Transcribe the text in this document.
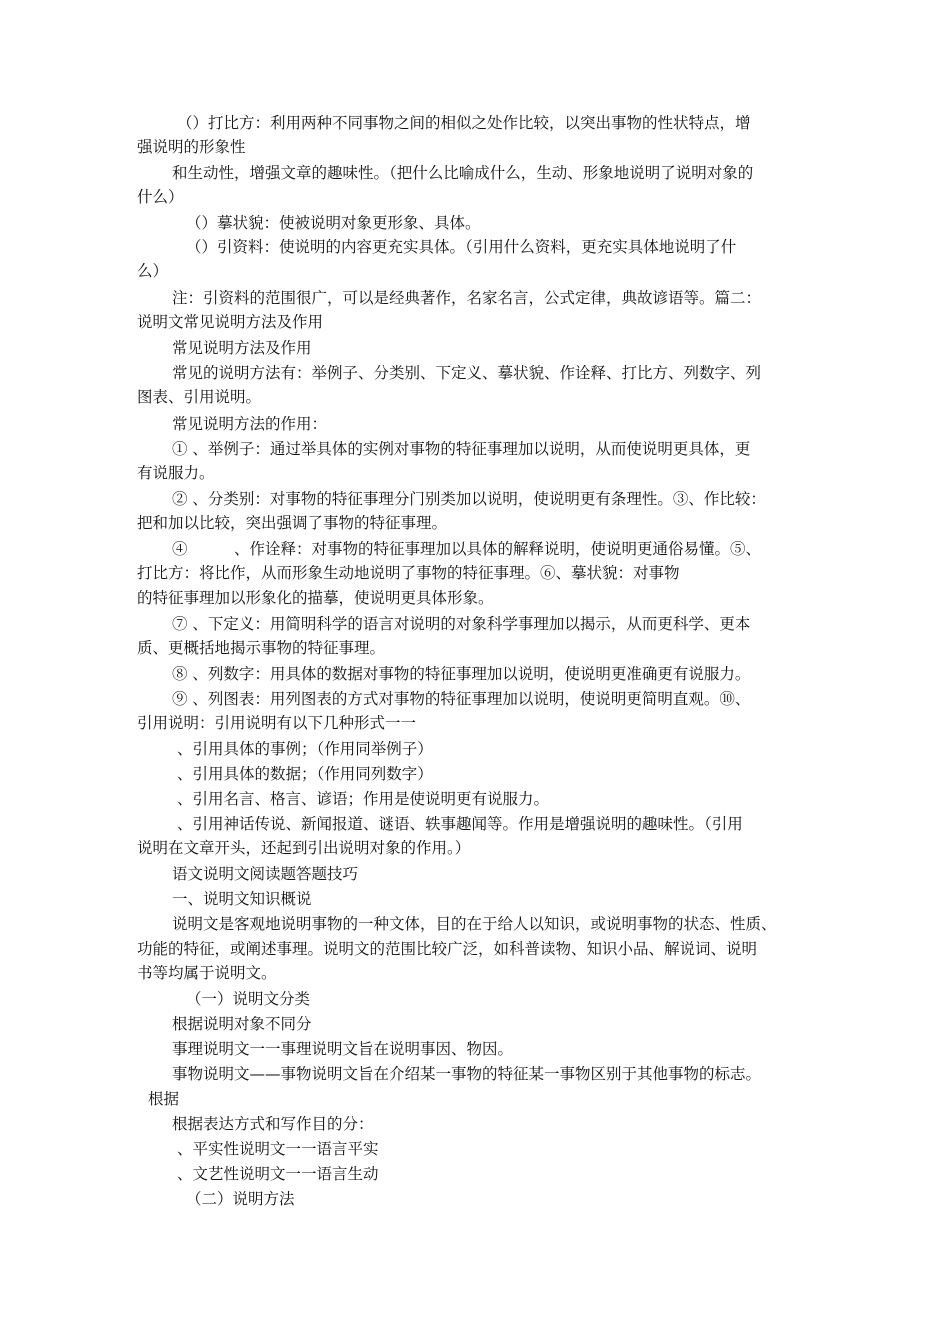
（）打比方：利用两种不同事物之间的相似之处作比较，以突出事物的性状特点，增

强说明的形象性

和生动性，增强文章的趣味性。（把什么比喻成什么，生动、形象地说明了说明对象的

什么）

（）摹状貌：使被说明对象更形象、具体。

（）引资料：使说明的内容更充实具体。（引用什么资料，更充实具体地说明了什

么）

注：引资料的范围很广，可以是经典著作，名家名言，公式定律，典故谚语等。篇二：

说明文常见说明方法及作用

常见说明方法及作用

常见的说明方法有：举例子、分类别、下定义、摹状貌、作诠释、打比方、列数字、列

图表、引用说明。

常见说明方法的作用：

① 、举例子：通过举具体的实例对事物的特征事理加以说明，从而使说明更具体，更

有说服力。

② 、分类别：对事物的特征事理分门别类加以说明，使说明更有条理性。③、作比较：

把和加以比较，突出强调了事物的特征事理。

④　　　、作诠释：对事物的特征事理加以具体的解释说明，使说明更通俗易懂。⑤、

打比方：将比作，从而形象生动地说明了事物的特征事理。⑥、摹状貌：对事物

的特征事理加以形象化的描摹，使说明更具体形象。

⑦ 、下定义：用简明科学的语言对说明的对象科学事理加以揭示，从而更科学、更本

质、更概括地揭示事物的特征事理。

⑧ 、列数字：用具体的数据对事物的特征事理加以说明，使说明更准确更有说服力。

⑨ 、列图表：用列图表的方式对事物的特征事理加以说明，使说明更简明直观。⑩、

引用说明：引用说明有以下几种形式一一

、引用具体的事例；（作用同举例子）

、引用具体的数据；（作用同列数字）

、引用名言、格言、谚语；作用是使说明更有说服力。

、引用神话传说、新闻报道、谜语、轶事趣闻等。作用是增强说明的趣味性。（引用

说明在文章开头，还起到引出说明对象的作用。）

语文说明文阅读题答题技巧

一、说明文知识概说

说明文是客观地说明事物的一种文体，目的在于给人以知识，或说明事物的状态、性质、

功能的特征，或阐述事理。说明文的范围比较广泛，如科普读物、知识小品、解说词、说明

书等均属于说明文。

（一）说明文分类

根据说明对象不同分

事理说明文一一事理说明文旨在说明事因、物因。

事物说明文——事物说明文旨在介绍某一事物的特征某一事物区别于其他事物的标志。

根据

根据表达方式和写作目的分：

、平实性说明文一一语言平实

、文艺性说明文一一语言生动

（二）说明方法
